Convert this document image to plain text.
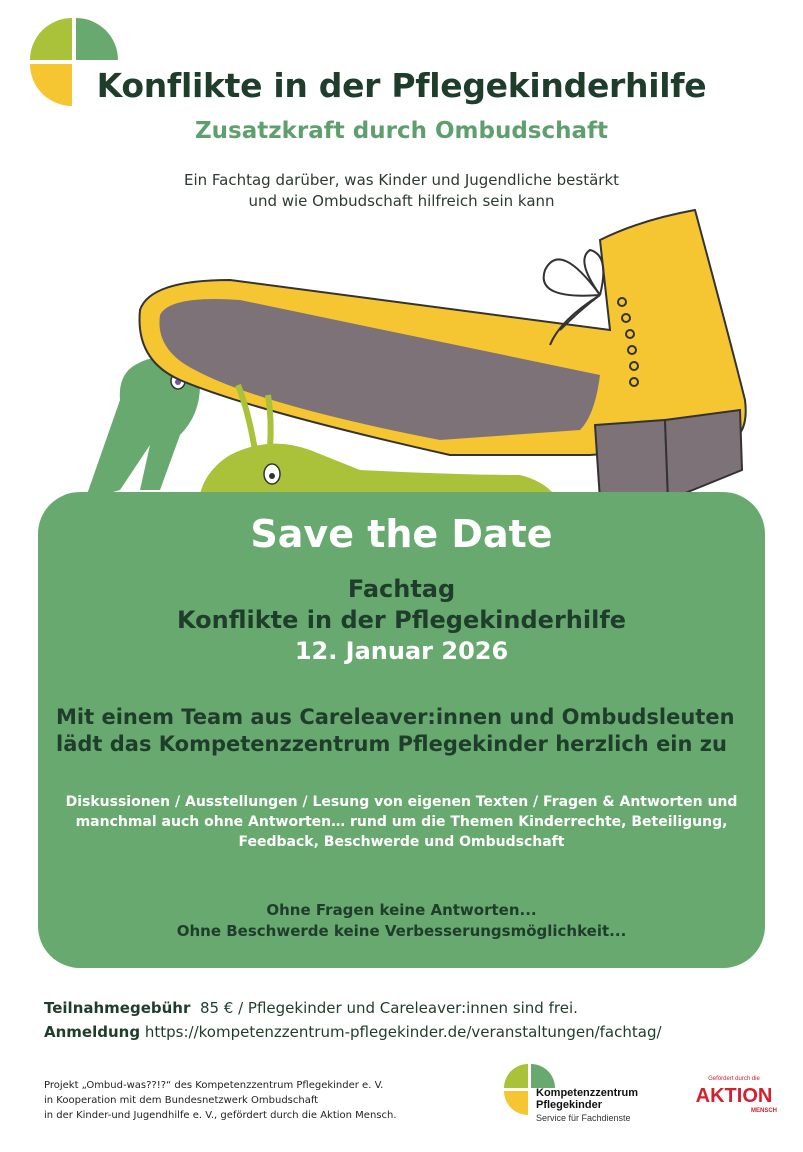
Konflikte in der Pflegekinderhilfe
Zusatzkraft durch Ombudschaft
Ein Fachtag darüber, was Kinder und Jugendliche bestärkt
und wie Ombudschaft hilfreich sein kann
Save the Date
Fachtag
Konflikte in der Pflegekinderhilfe
12. Januar 2026
Mit einem Team aus Careleaver:innen und Ombudsleuten
lädt das Kompetenzzentrum Pflegekinder herzlich ein zu
Diskussionen / Ausstellungen / Lesung von eigenen Texten / Fragen & Antworten und
manchmal auch ohne Antworten… rund um die Themen Kinderrechte, Beteiligung,
Feedback, Beschwerde und Ombudschaft
Ohne Fragen keine Antworten...
Ohne Beschwerde keine Verbesserungsmöglichkeit...
Teilnahmegebühr 85 € / Pflegekinder und Careleaver:innen sind frei.
Anmeldung https://kompetenzzentrum-pflegekinder.de/veranstaltungen/fachtag/
Projekt „Ombud-was??!?“ des Kompetenzzentrum Pflegekinder e. V.
in Kooperation mit dem Bundesnetzwerk Ombudschaft
in der Kinder-und Jugendhilfe e. V., gefördert durch die Aktion Mensch.
Kompetenzzentrum
Pflegekinder
Service für Fachdienste
Gefördert durch die
AKTION
MENSCH
